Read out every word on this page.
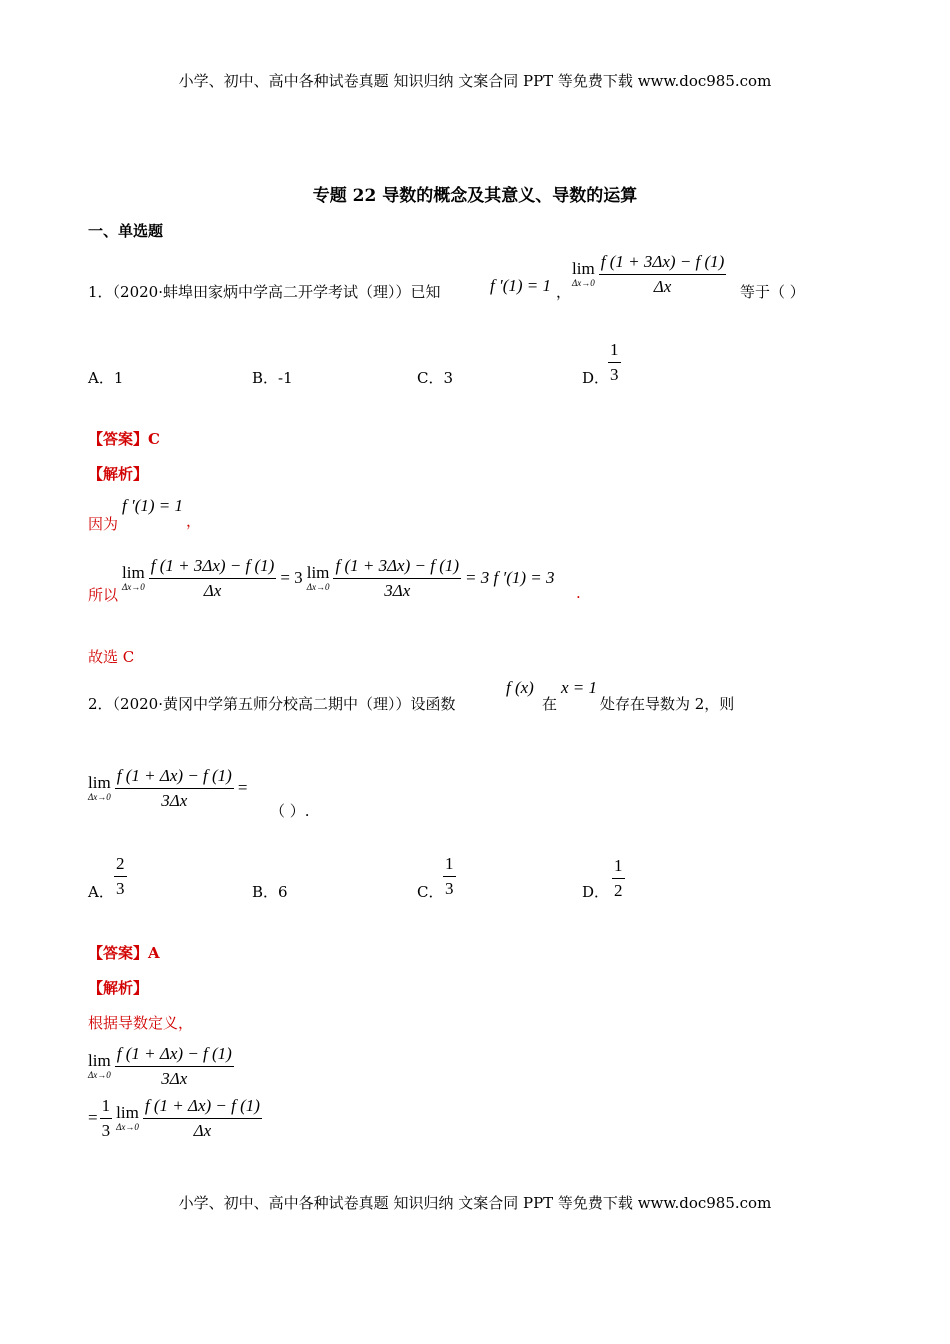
小学、初中、高中各种试卷真题 知识归纳 文案合同 PPT 等免费下载 www.doc985.com
专题 22 导数的概念及其意义、导数的运算
一、单选题
1．（2020·蚌埠田家炳中学高二开学考试（理））已知	f ′(1) = 1 ，
lim
$\Delta x\to 0 \frac{f (1 + 3\Delta x) - f (1)}{\Delta x}$ 等于（ ）
A．1	B．-1	C．3	D．
$\frac{1}{3}$
【答案】C
【解析】
因为
f ′(1) = 1
，
所以
lim
$\Delta x\to 0 \frac{f (1 + 3\Delta x) - f (1)}{\Delta x} = 3$ lim
$\Delta x\to 0 \frac{f (1 + 3\Delta x) - f (1)}{3\Delta x} = 3$ f ′(1) = 3
.
故选 C
2．（2020·黄冈中学第五师分校高二期中（理））设函数
f (x)
在
x = 1
处存在导数为 2，则
lim
$\Delta x\to 0 \frac{f (1 + \Delta x) - f (1)}{3\Delta x}$ =
（ ）.
A． $\frac{2}{3}$	B．6	C． $\frac{1}{3}$	D． $\frac{1}{2}$
【答案】A
【解析】
根据导数定义，
lim
$\Delta x\to 0 \frac{f (1 + \Delta x) - f (1)}{3\Delta x}$
= $\frac{1}{3}$ lim
$\Delta x\to 0 \frac{f (1 + \Delta x) - f (1)}{\Delta x}$
小学、初中、高中各种试卷真题 知识归纳 文案合同 PPT 等免费下载 www.doc985.com
